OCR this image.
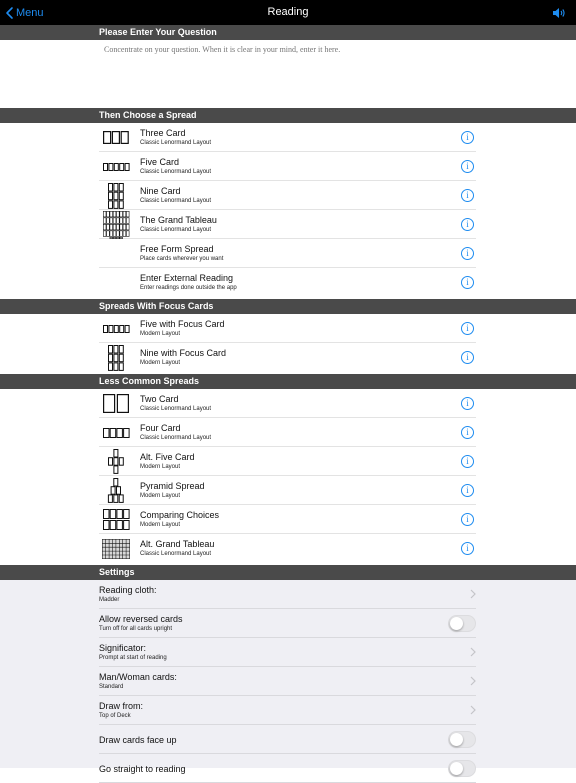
Menu	Reading
Please Enter Your Question
Concentrate on your question. When it is clear in your mind, enter it here.
Then Choose a Spread
Three Card
Classic Lenormand Layout
i
Five Card
Classic Lenormand Layout
i
Nine Card
Classic Lenormand Layout
i
The Grand Tableau
Classic Lenormand Layout
i
Free Form Spread
Place cards wherever you want
i
Enter External Reading
Enter readings done outside the app
i
Spreads With Focus Cards
Five with Focus Card
Modern Layout
i
Nine with Focus Card
Modern Layout
i
Less Common Spreads
Two Card
Classic Lenormand Layout
i
Four Card
Classic Lenormand Layout
i
Alt. Five Card
Modern Layout
i
Pyramid Spread
Modern Layout
i
Comparing Choices
Modern Layout
i
Alt. Grand Tableau
Classic Lenormand Layout
i
Settings
Reading cloth:
Madder
Allow reversed cards
Turn off for all cards upright
Significator:
Prompt at start of reading
Man/Woman cards:
Standard
Draw from:
Top of Deck
Draw cards face up
Go straight to reading
